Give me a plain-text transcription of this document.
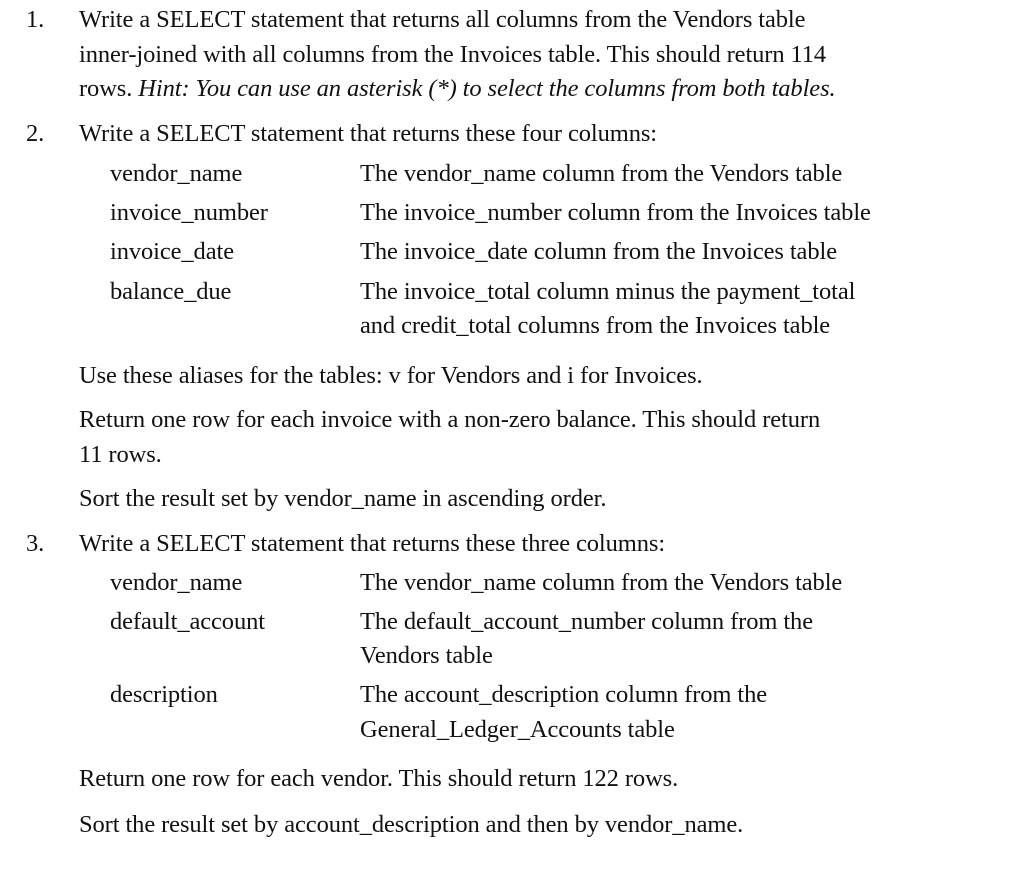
1. Write a SELECT statement that returns all columns from the Vendors table
inner-joined with all columns from the Invoices table. This should return 114
rows. Hint: You can use an asterisk (*) to select the columns from both tables.
2. Write a SELECT statement that returns these four columns:
vendor_name	The vendor_name column from the Vendors table
invoice_number	The invoice_number column from the Invoices table
invoice_date	The invoice_date column from the Invoices table
balance_due	The invoice_total column minus the payment_total
and credit_total columns from the Invoices table
Use these aliases for the tables: v for Vendors and i for Invoices.
Return one row for each invoice with a non-zero balance. This should return
11 rows.
Sort the result set by vendor_name in ascending order.
3. Write a SELECT statement that returns these three columns:
vendor_name	The vendor_name column from the Vendors table
default_account	The default_account_number column from the
Vendors table
description	The account_description column from the
General_Ledger_Accounts table
Return one row for each vendor. This should return 122 rows.
Sort the result set by account_description and then by vendor_name.
